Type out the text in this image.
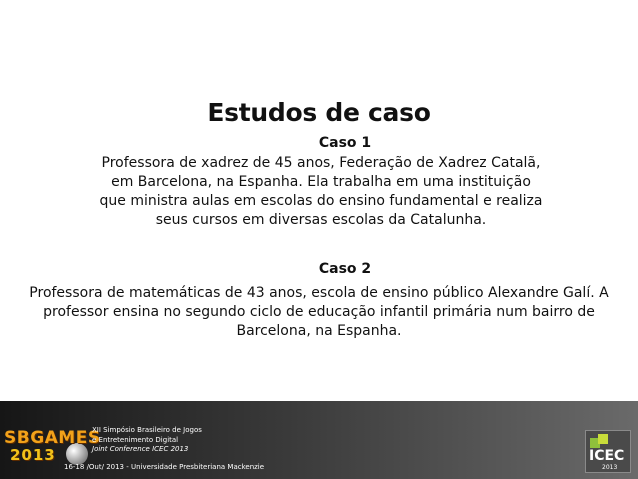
Estudos de caso
Caso 1
Professora de xadrez de 45 anos, Federação de Xadrez Catalã, em Barcelona, na Espanha. Ela trabalha em uma instituição que ministra aulas em escolas do ensino fundamental e realiza seus cursos em diversas escolas da Catalunha.
Caso 2
Professora de matemáticas de 43 anos, escola de ensino público Alexandre Galí. A professor ensina no segundo ciclo de educação infantil primária num bairro de Barcelona, na Espanha.
SBGAMES
2013
XII Simpósio Brasileiro de Jogos
e Entretenimento Digital
Joint Conference ICEC 2013
16-18 /Out/ 2013 - Universidade Presbiteriana Mackenzie
ICEC
2013
